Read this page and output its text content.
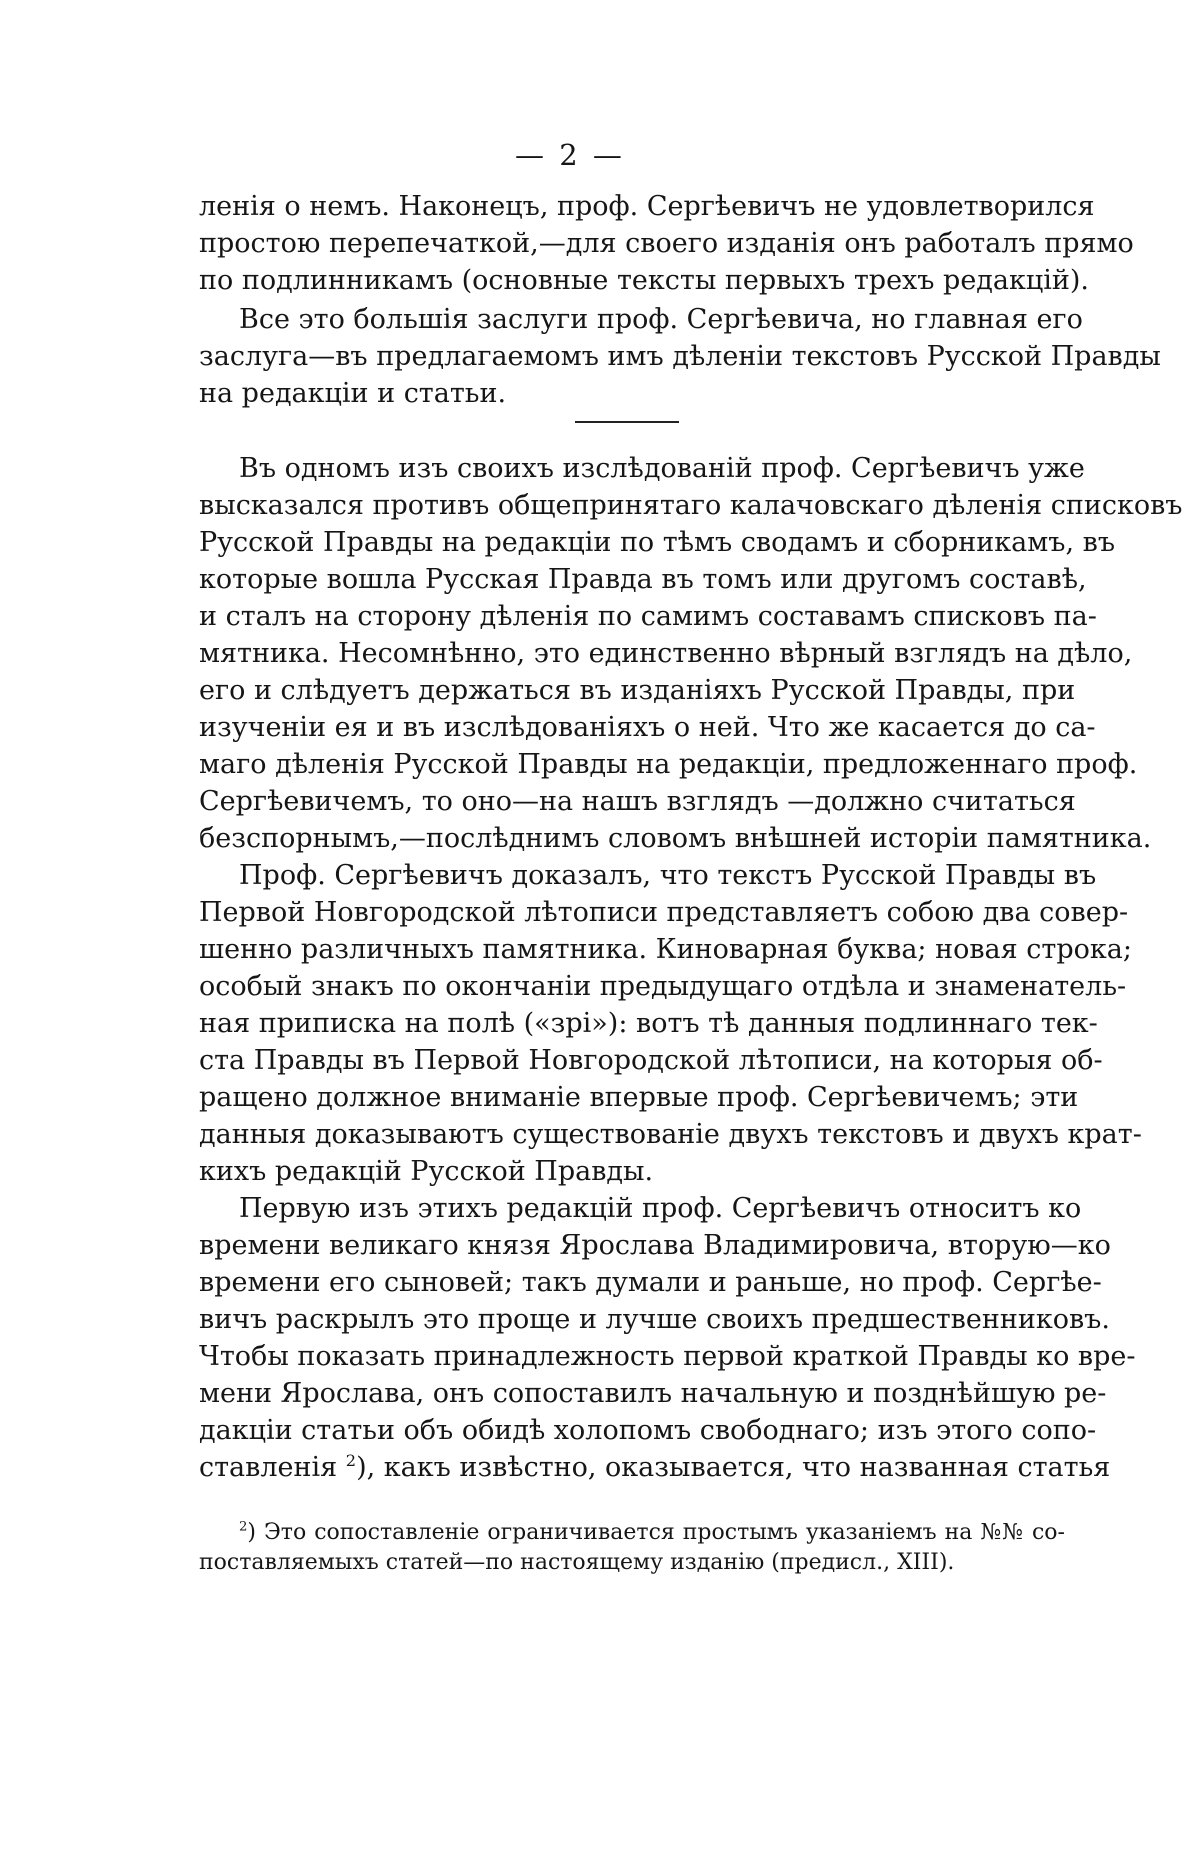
— 2 —
ленія о немъ. Наконецъ, проф. Сергѣевичъ не удовлетворился
простою перепечаткой,—для своего изданія онъ работалъ прямо
по подлинникамъ (основные тексты первыхъ трехъ редакцій).
Все это большія заслуги проф. Сергѣевича, но главная его
заслуга—въ предлагаемомъ имъ дѣленіи текстовъ Русской Правды
на редакціи и статьи.
Въ одномъ изъ своихъ изслѣдованій проф. Сергѣевичъ уже
высказался противъ общепринятаго калачовскаго дѣленія списковъ
Русской Правды на редакціи по тѣмъ сводамъ и сборникамъ, въ
которые вошла Русская Правда въ томъ или другомъ составѣ,
и сталъ на сторону дѣленія по самимъ составамъ списковъ па-
мятника. Несомнѣнно, это единственно вѣрный взглядъ на дѣло,
его и слѣдуетъ держаться въ изданіяхъ Русской Правды, при
изученіи ея и въ изслѣдованіяхъ о ней. Что же касается до са-
маго дѣленія Русской Правды на редакціи, предложеннаго проф.
Сергѣевичемъ, то оно—на нашъ взглядъ —должно считаться
безспорнымъ,—послѣднимъ словомъ внѣшней исторіи памятника.
Проф. Сергѣевичъ доказалъ, что текстъ Русской Правды въ
Первой Новгородской лѣтописи представляетъ собою два совер-
шенно различныхъ памятника. Киноварная буква; новая строка;
особый знакъ по окончаніи предыдущаго отдѣла и знаменатель-
ная приписка на полѣ («зрі»): вотъ тѣ данныя подлиннаго тек-
ста Правды въ Первой Новгородской лѣтописи, на которыя об-
ращено должное вниманіе впервые проф. Сергѣевичемъ; эти
данныя доказываютъ существованіе двухъ текстовъ и двухъ крат-
кихъ редакцій Русской Правды.
Первую изъ этихъ редакцій проф. Сергѣевичъ относитъ ко
времени великаго князя Ярослава Владимировича, вторую—ко
времени его сыновей; такъ думали и раньше, но проф. Сергѣе-
вичъ раскрылъ это проще и лучше своихъ предшественниковъ.
Чтобы показать принадлежность первой краткой Правды ко вре-
мени Ярослава, онъ сопоставилъ начальную и позднѣйшую ре-
дакціи статьи объ обидѣ холопомъ свободнаго; изъ этого сопо-
ставленія $^2$), какъ извѣстно, оказывается, что названная статья
$^2$) Это сопоставленіе ограничивается простымъ указаніемъ на №№ со-
поставляемыхъ статей—по настоящему изданію (предисл., XIII).
